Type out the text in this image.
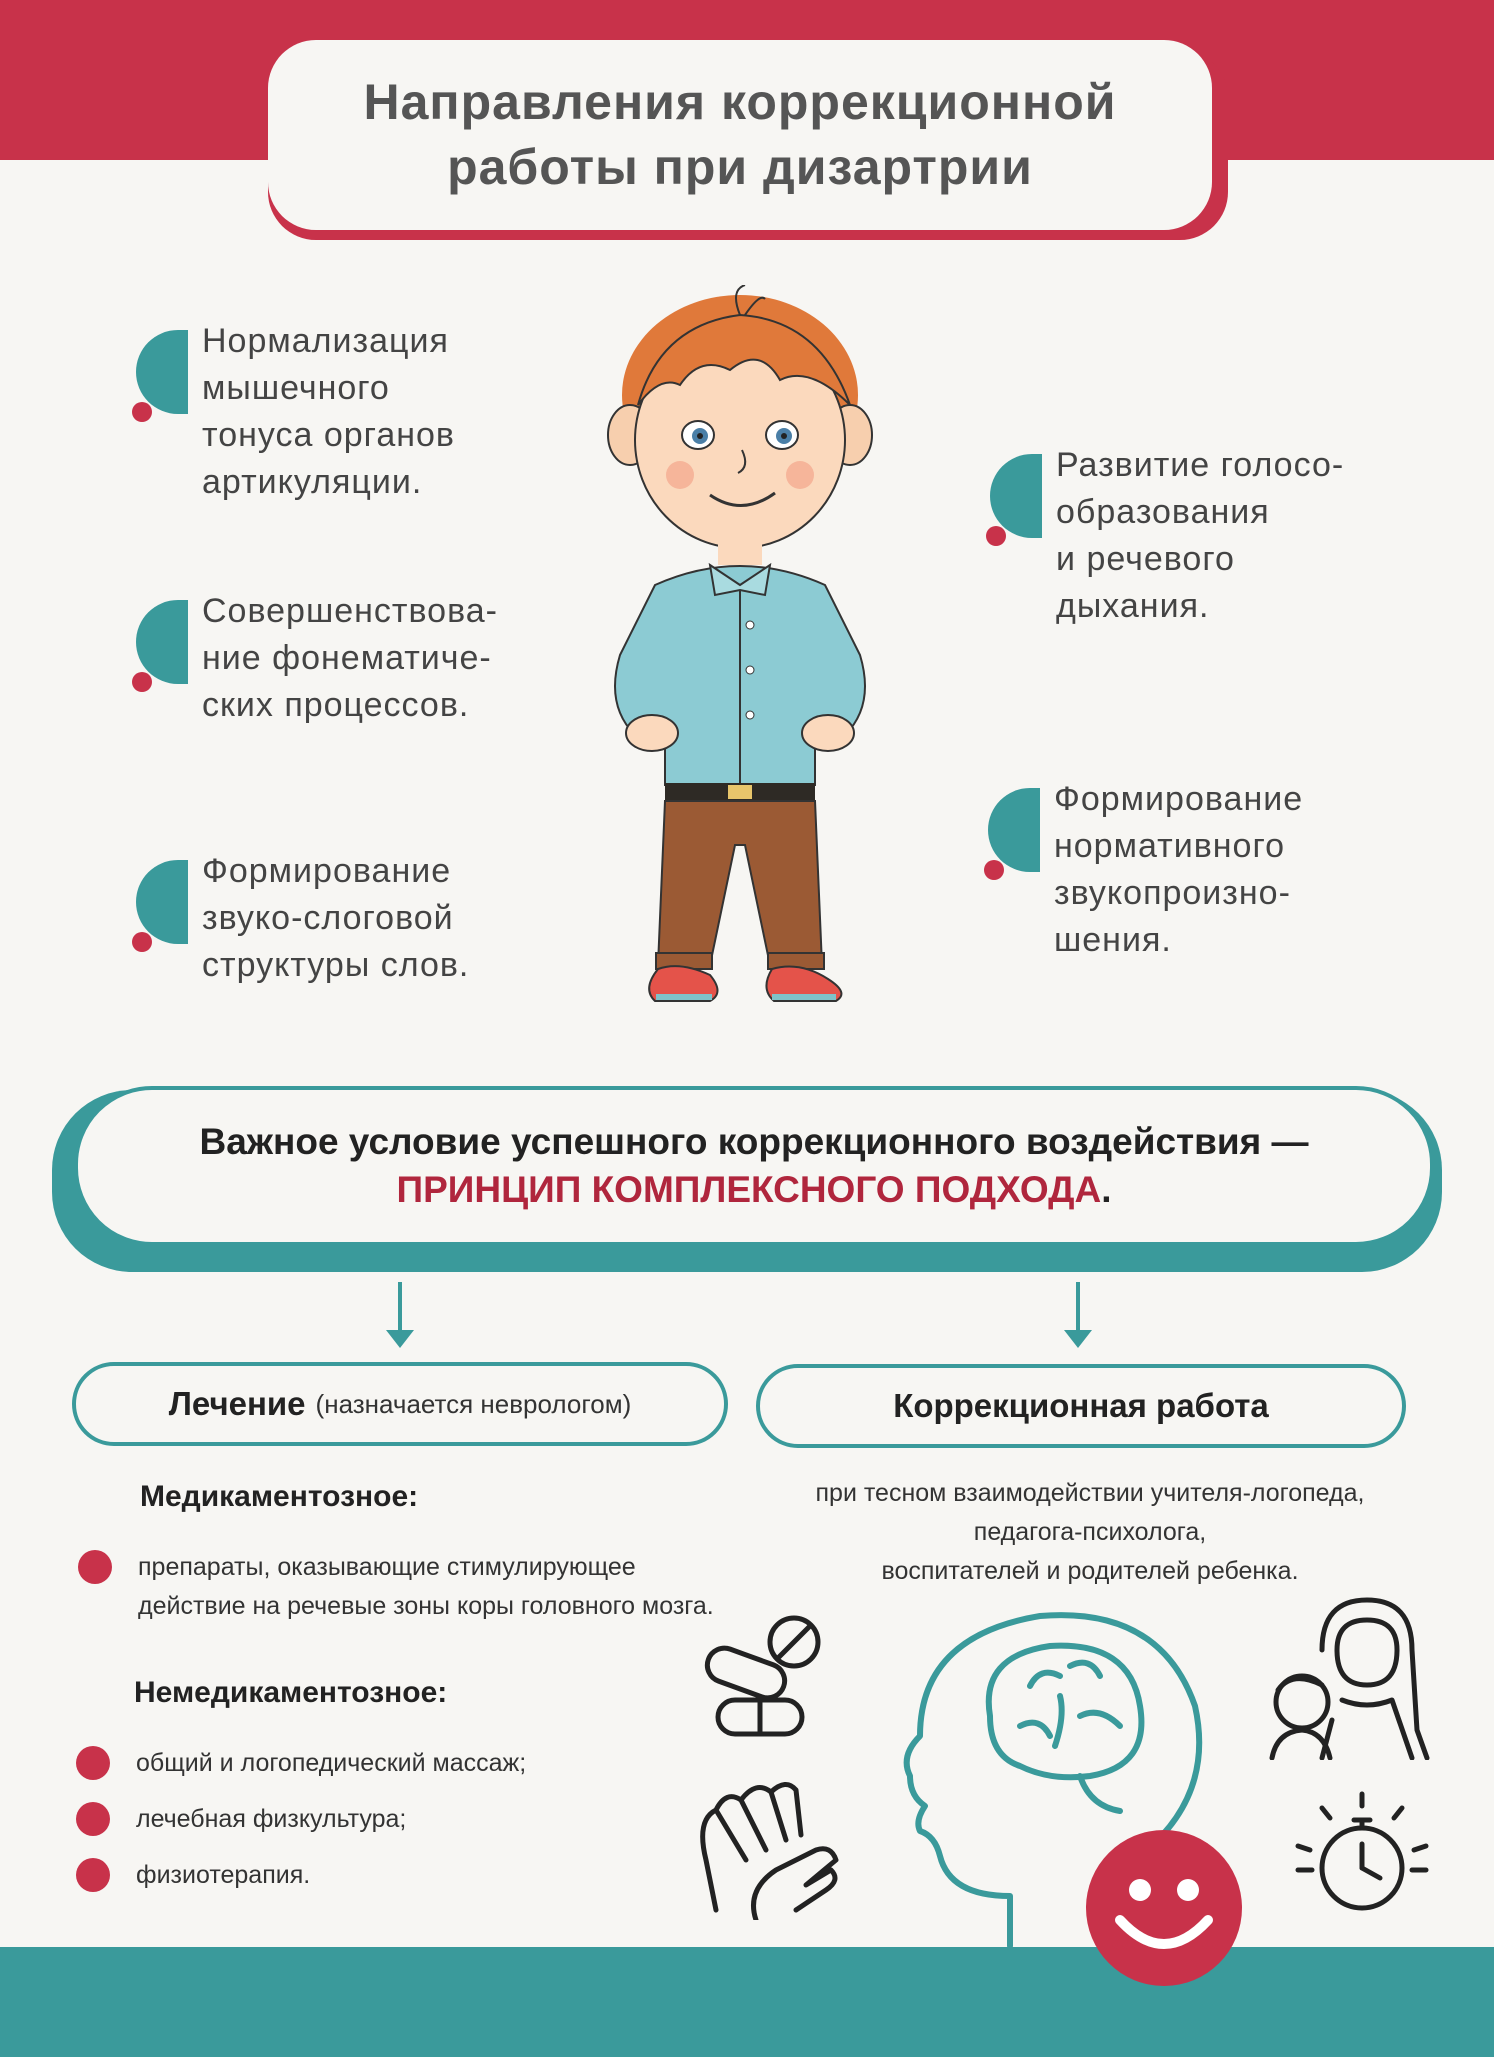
Направления коррекционной
работы при дизартрии
Нормализация
мышечного
тонуса органов
артикуляции.
Совершенствова-
ние фонематиче-
ских процессов.
Формирование
звуко-слоговой
структуры слов.
Развитие голосо-
образования
и речевого
дыхания.
Формирование
нормативного
звукопроизно-
шения.
Важное условие успешного коррекционного воздействия —
ПРИНЦИП КОМПЛЕКСНОГО ПОДХОДА.
Лечение (назначается неврологом)	Коррекционная работа
Медикаментозное:
препараты, оказывающие стимулирующее действие на речевые зоны коры головного мозга.
Немедикаментозное:
общий и логопедический массаж;
лечебная физкультура;
физиотерапия.
при тесном взаимодействии учителя-логопеда,
педагога-психолога,
воспитателей и родителей ребенка.
